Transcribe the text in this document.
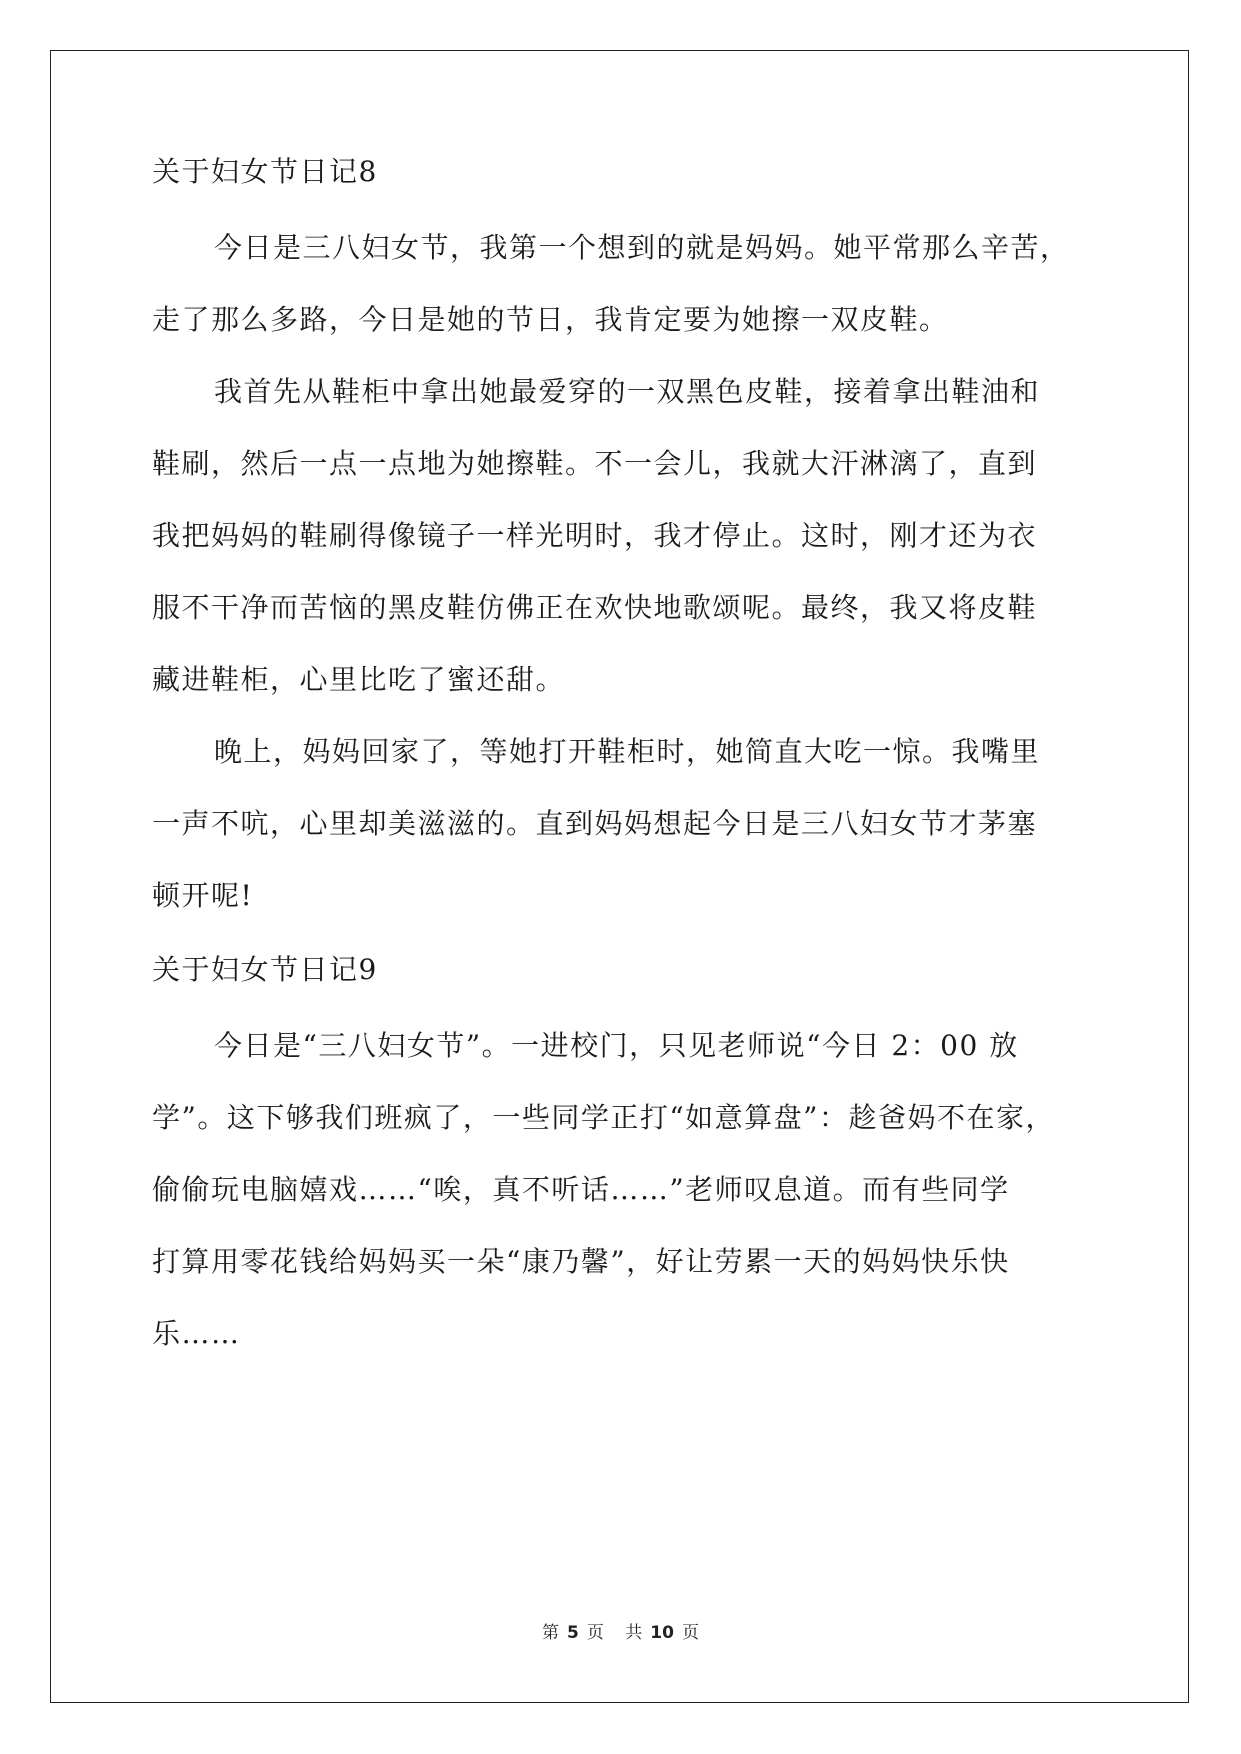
关于妇女节日记8
今日是三八妇女节，我第一个想到的就是妈妈。她平常那么辛苦，
走了那么多路，今日是她的节日，我肯定要为她擦一双皮鞋。
我首先从鞋柜中拿出她最爱穿的一双黑色皮鞋，接着拿出鞋油和
鞋刷，然后一点一点地为她擦鞋。不一会儿，我就大汗淋漓了，直到
我把妈妈的鞋刷得像镜子一样光明时，我才停止。这时，刚才还为衣
服不干净而苦恼的黑皮鞋仿佛正在欢快地歌颂呢。最终，我又将皮鞋
藏进鞋柜，心里比吃了蜜还甜。
晚上，妈妈回家了，等她打开鞋柜时，她简直大吃一惊。我嘴里
一声不吭，心里却美滋滋的。直到妈妈想起今日是三八妇女节才茅塞
顿开呢!
关于妇女节日记9
今日是“三八妇女节”。一进校门，只见老师说“今日 2：00 放
学”。这下够我们班疯了，一些同学正打“如意算盘”：趁爸妈不在家，
偷偷玩电脑嬉戏……“唉，真不听话……”老师叹息道。而有些同学
打算用零花钱给妈妈买一朵“康乃馨”，好让劳累一天的妈妈快乐快
乐……
第 5 页 共 10 页
